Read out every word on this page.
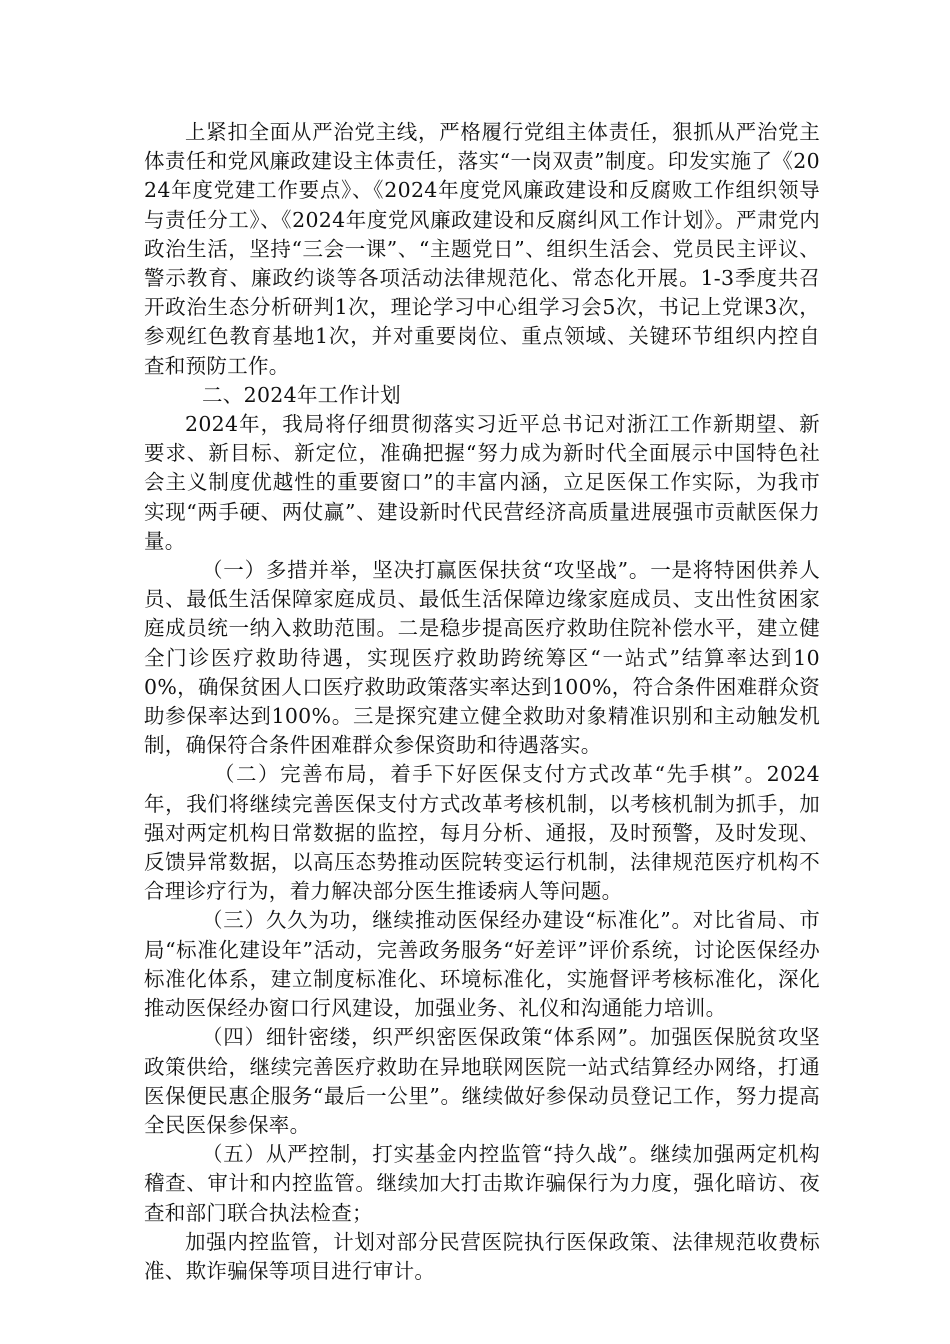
上紧扣全面从严治党主线，严格履行党组主体责任，狠抓从严治党主体责任和党风廉政建设主体责任，落实“一岗双责”制度。印发实施了《2024年度党建工作要点》、《2024年度党风廉政建设和反腐败工作组织领导与责任分工》、《2024年度党风廉政建设和反腐纠风工作计划》。严肃党内政治生活，坚持“三会一课”、“主题党日”、组织生活会、党员民主评议、警示教育、廉政约谈等各项活动法律规范化、常态化开展。1-3季度共召开政治生态分析研判1次，理论学习中心组学习会5次，书记上党课3次，参观红色教育基地1次，并对重要岗位、重点领域、关键环节组织内控自查和预防工作。

二、2024年工作计划

2024年，我局将仔细贯彻落实习近平总书记对浙江工作新期望、新要求、新目标、新定位，准确把握“努力成为新时代全面展示中国特色社会主义制度优越性的重要窗口”的丰富内涵，立足医保工作实际，为我市实现“两手硬、两仗赢”、建设新时代民营经济高质量进展强市贡献医保力量。

（一）多措并举，坚决打赢医保扶贫“攻坚战”。一是将特困供养人员、最低生活保障家庭成员、最低生活保障边缘家庭成员、支出性贫困家庭成员统一纳入救助范围。二是稳步提高医疗救助住院补偿水平，建立健全门诊医疗救助待遇，实现医疗救助跨统筹区“一站式”结算率达到100%，确保贫困人口医疗救助政策落实率达到100%，符合条件困难群众资助参保率达到100%。三是探究建立健全救助对象精准识别和主动触发机制，确保符合条件困难群众参保资助和待遇落实。

（二）完善布局，着手下好医保支付方式改革“先手棋”。2024年，我们将继续完善医保支付方式改革考核机制，以考核机制为抓手，加强对两定机构日常数据的监控，每月分析、通报，及时预警，及时发现、反馈异常数据，以高压态势推动医院转变运行机制，法律规范医疗机构不合理诊疗行为，着力解决部分医生推诿病人等问题。

（三）久久为功，继续推动医保经办建设“标准化”。对比省局、市局“标准化建设年”活动，完善政务服务“好差评”评价系统，讨论医保经办标准化体系，建立制度标准化、环境标准化，实施督评考核标准化，深化推动医保经办窗口行风建设，加强业务、礼仪和沟通能力培训。

（四）细针密缕，织严织密医保政策“体系网”。加强医保脱贫攻坚政策供给，继续完善医疗救助在异地联网医院一站式结算经办网络，打通医保便民惠企服务“最后一公里”。继续做好参保动员登记工作，努力提高全民医保参保率。

（五）从严控制，打实基金内控监管“持久战”。继续加强两定机构稽查、审计和内控监管。继续加大打击欺诈骗保行为力度，强化暗访、夜查和部门联合执法检查；

加强内控监管，计划对部分民营医院执行医保政策、法律规范收费标准、欺诈骗保等项目进行审计。
